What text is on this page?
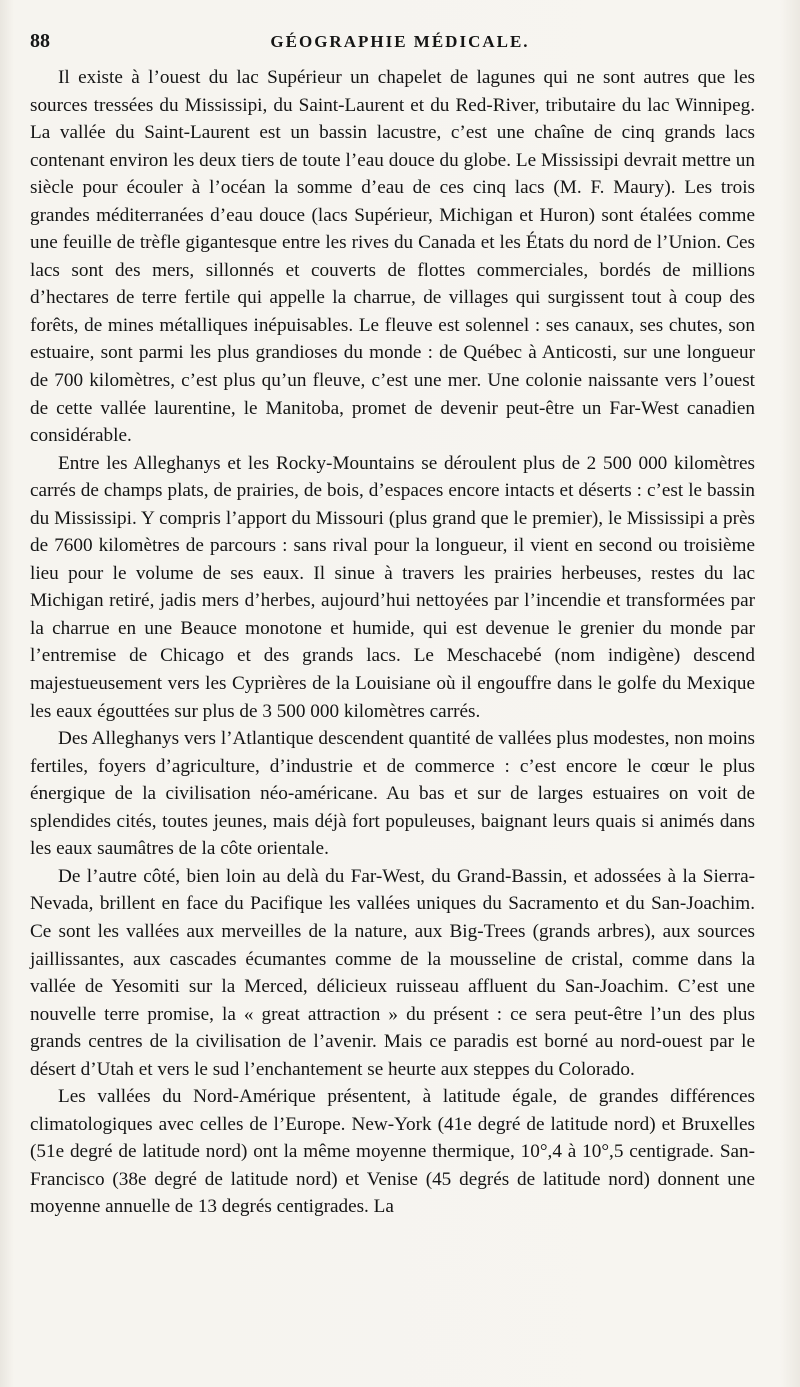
88	GÉOGRAPHIE MÉDICALE.

Il existe à l’ouest du lac Supérieur un chapelet de lagunes qui ne sont autres que les sources tressées du Mississipi, du Saint-Laurent et du Red-River, tributaire du lac Winnipeg. La vallée du Saint-Laurent est un bassin lacustre, c’est une chaîne de cinq grands lacs contenant environ les deux tiers de toute l’eau douce du globe. Le Mississipi devrait mettre un siècle pour écouler à l’océan la somme d’eau de ces cinq lacs (M. F. Maury). Les trois grandes méditerranées d’eau douce (lacs Supérieur, Michigan et Huron) sont étalées comme une feuille de trèfle gigantesque entre les rives du Canada et les États du nord de l’Union. Ces lacs sont des mers, sillonnés et couverts de flottes commerciales, bordés de millions d’hectares de terre fertile qui appelle la charrue, de villages qui surgissent tout à coup des forêts, de mines métalliques inépuisables. Le fleuve est solennel : ses canaux, ses chutes, son estuaire, sont parmi les plus grandioses du monde : de Québec à Anticosti, sur une longueur de 700 kilomètres, c’est plus qu’un fleuve, c’est une mer. Une colonie naissante vers l’ouest de cette vallée laurentine, le Manitoba, promet de devenir peut-être un Far-West canadien considérable.

Entre les Alleghanys et les Rocky-Mountains se déroulent plus de 2 500 000 kilomètres carrés de champs plats, de prairies, de bois, d’espaces encore intacts et déserts : c’est le bassin du Mississipi. Y compris l’apport du Missouri (plus grand que le premier), le Mississipi a près de 7600 kilomètres de parcours : sans rival pour la longueur, il vient en second ou troisième lieu pour le volume de ses eaux. Il sinue à travers les prairies herbeuses, restes du lac Michigan retiré, jadis mers d’herbes, aujourd’hui nettoyées par l’incendie et transformées par la charrue en une Beauce monotone et humide, qui est devenue le grenier du monde par l’entremise de Chicago et des grands lacs. Le Meschacebé (nom indigène) descend majestueusement vers les Cyprières de la Louisiane où il engouffre dans le golfe du Mexique les eaux égouttées sur plus de 3 500 000 kilomètres carrés.

Des Alleghanys vers l’Atlantique descendent quantité de vallées plus modestes, non moins fertiles, foyers d’agriculture, d’industrie et de commerce : c’est encore le cœur le plus énergique de la civilisation néo-américane. Au bas et sur de larges estuaires on voit de splendides cités, toutes jeunes, mais déjà fort populeuses, baignant leurs quais si animés dans les eaux saumâtres de la côte orientale.

De l’autre côté, bien loin au delà du Far-West, du Grand-Bassin, et adossées à la Sierra-Nevada, brillent en face du Pacifique les vallées uniques du Sacramento et du San-Joachim. Ce sont les vallées aux merveilles de la nature, aux Big-Trees (grands arbres), aux sources jaillissantes, aux cascades écumantes comme de la mousseline de cristal, comme dans la vallée de Yesomiti sur la Merced, délicieux ruisseau affluent du San-Joachim. C’est une nouvelle terre promise, la « great attraction » du présent : ce sera peut-être l’un des plus grands centres de la civilisation de l’avenir. Mais ce paradis est borné au nord-ouest par le désert d’Utah et vers le sud l’enchantement se heurte aux steppes du Colorado.

Les vallées du Nord-Amérique présentent, à latitude égale, de grandes différences climatologiques avec celles de l’Europe. New-York (41e degré de latitude nord) et Bruxelles (51e degré de latitude nord) ont la même moyenne thermique, 10°,4 à 10°,5 centigrade. San-Francisco (38e degré de latitude nord) et Venise (45 degrés de latitude nord) donnent une moyenne annuelle de 13 degrés centigrades. La
